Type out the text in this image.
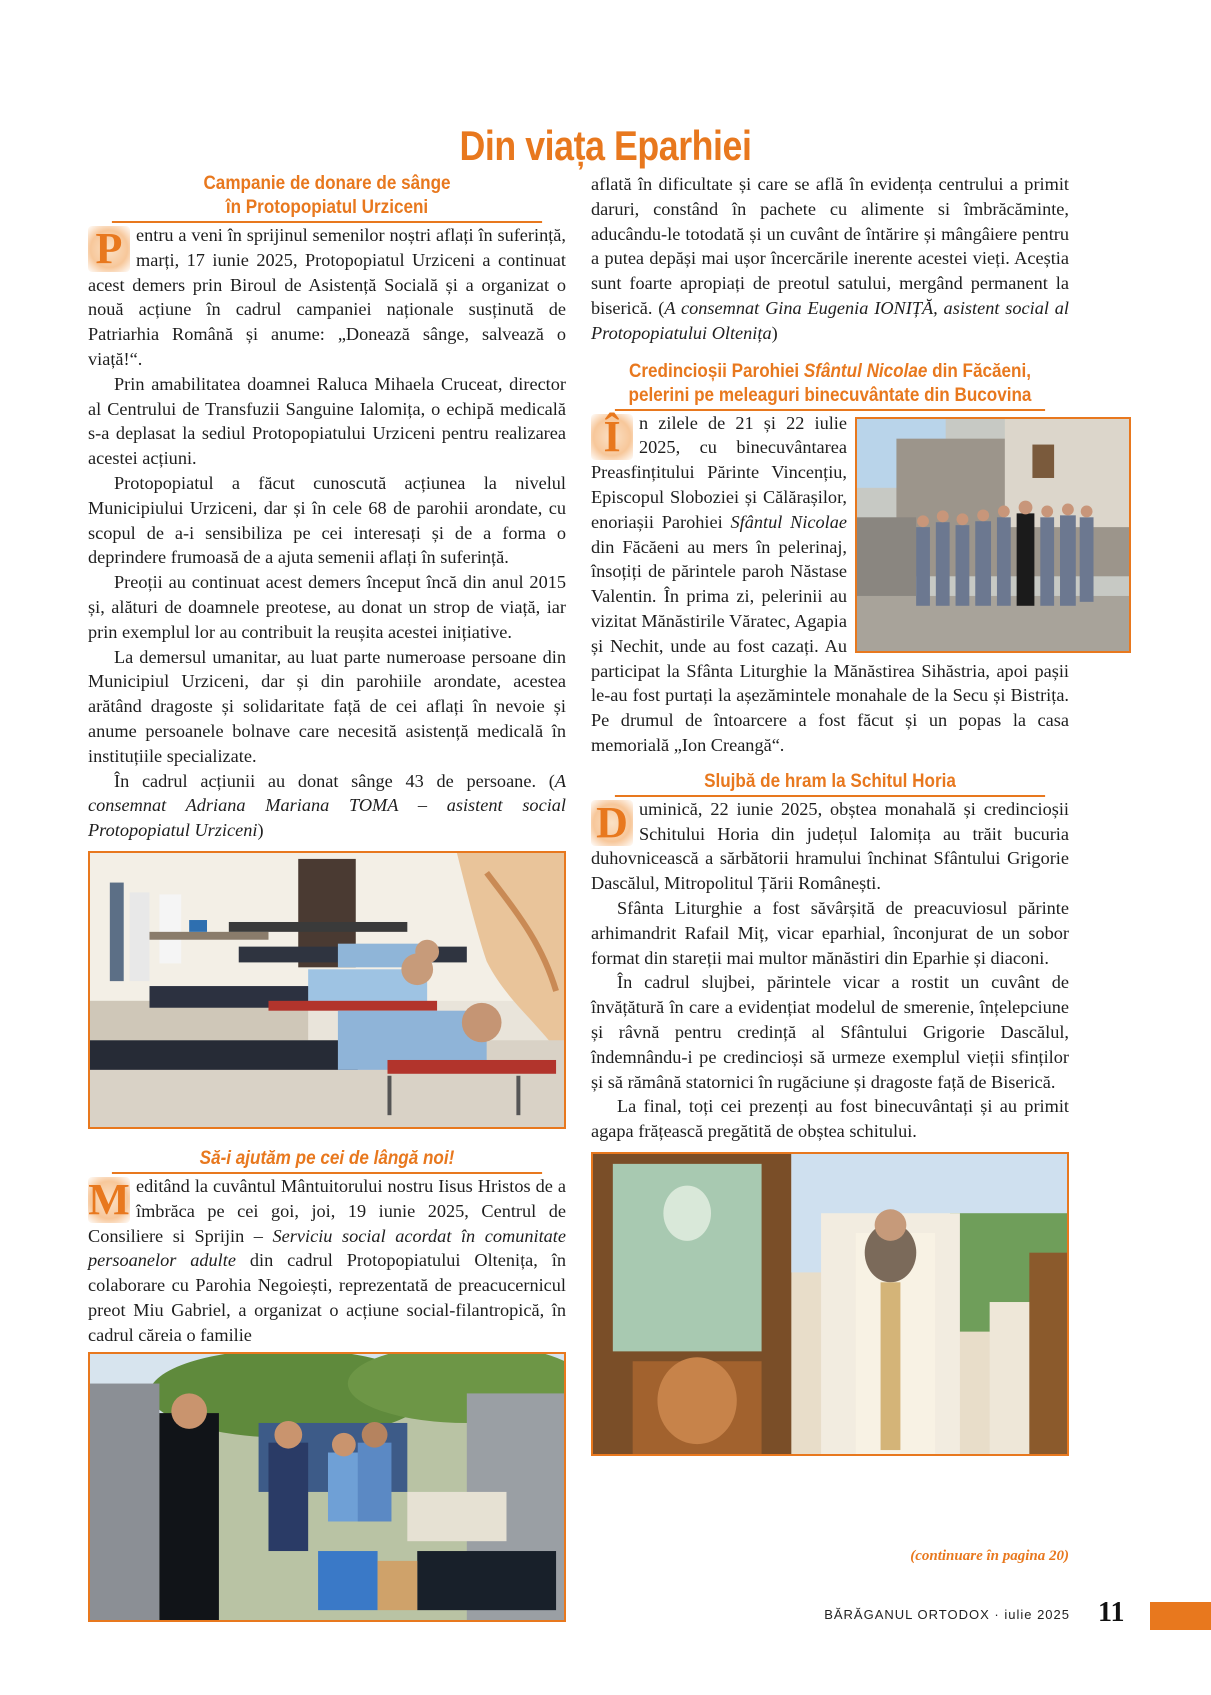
Din viața Eparhiei
Campanie de donare de sânge
în Protopopiatul Urziceni

P entru a veni în sprijinul semenilor noștri aflați în suferință, marți, 17 iunie 2025, Protopopiatul Urziceni a continuat acest demers prin Biroul de Asistență Socială și a organizat o nouă acțiune în cadrul campaniei naționale susținută de Patriarhia Română și anume: „Donează sânge, salvează o viață!“.

Prin amabilitatea doamnei Raluca Mihaela Cruceat, director al Centrului de Transfuzii Sanguine Ialomița, o echipă medicală s-a deplasat la sediul Protopopiatului Urziceni pentru realizarea acestei acțiuni.

Protopopiatul a făcut cunoscută acțiunea la nivelul Municipiului Urziceni, dar și în cele 68 de parohii arondate, cu scopul de a-i sensibiliza pe cei interesați și de a forma o deprindere frumoasă de a ajuta semenii aflați în suferință.

Preoții au continuat acest demers început încă din anul 2015 și, alături de doamnele preotese, au donat un strop de viață, iar prin exemplul lor au contribuit la reușita acestei inițiative.

La demersul umanitar, au luat parte numeroase persoane din Municipiul Urziceni, dar și din parohiile arondate, acestea arătând dragoste și solidaritate față de cei aflați în nevoie și anume persoanele bolnave care necesită asistență medicală în instituțiile specializate.

În cadrul acțiunii au donat sânge 43 de persoane. (A consemnat Adriana Mariana TOMA – asistent social Protopopiatul Urziceni)

Să-i ajutăm pe cei de lângă noi!

M editând la cuvântul Mântuitorului nostru Iisus Hristos de a îmbrăca pe cei goi, joi, 19 iunie 2025, Centrul de Consiliere si Sprijin – Serviciu social acordat în comunitate persoanelor adulte din cadrul Protopopiatului Oltenița, în colaborare cu Parohia Negoiești, reprezentată de preacucernicul preot Miu Gabriel, a organizat o acțiune social-filantropică, în cadrul căreia o familie

aflată în dificultate și care se află în evidența centrului a primit daruri, constând în pachete cu alimente si îmbrăcăminte, aducându-le totodată și un cuvânt de întărire și mângâiere pentru a putea depăși mai ușor încercările inerente acestei vieți. Aceștia sunt foarte apropiați de preotul satului, mergând permanent la biserică. (A consemnat Gina Eugenia IONIȚĂ, asistent social al Protopopiatului Oltenița)

Credincioșii Parohiei Sfântul Nicolae din Făcăeni,
pelerini pe meleaguri binecuvântate din Bucovina

Î	n zilele de 21 și 22 iulie 2025, cu binecuvântarea Preasfințitului Părinte Vincențiu, Episcopul Sloboziei și Călărașilor, enoriașii Parohiei Sfântul Nicolae din Făcăeni au mers în pelerinaj, însoțiți de părintele paroh Năstase Valentin. În prima zi, pelerinii au vizitat Mănăstirile Văratec, Agapia și Nechit, unde au fost cazați. Au participat la Sfânta Liturghie la Mănăstirea Sihăstria, apoi pașii le-au fost purtați la așezămintele monahale de la Secu și Bistrița. Pe drumul de întoarcere a fost făcut și un popas la casa memorială „Ion Creangă“.

Slujbă de hram la Schitul Horia

D uminică, 22 iunie 2025, obștea monahală și credincioșii Schitului Horia din județul Ialomița au trăit bucuria duhovnicească a sărbătorii hramului închinat Sfântului Grigorie Dascălul, Mitropolitul Țării Românești.

Sfânta Liturghie a fost săvârșită de preacuviosul părinte arhimandrit Rafail Miț, vicar eparhial, înconjurat de un sobor format din stareții mai multor mănăstiri din Eparhie și diaconi.

În cadrul slujbei, părintele vicar a rostit un cuvânt de învățătură în care a evidențiat modelul de smerenie, înțelepciune și râvnă pentru credință al Sfântului Grigorie Dascălul, îndemnându-i pe credincioși să urmeze exemplul vieții sfinților și să rămână statornici în rugăciune și dragoste față de Biserică.

La final, toți cei prezenți au fost binecuvântați și au primit agapa frățească pregătită de obștea schitului.

(continuare în pagina 20)
BĂRĂGANUL ORTODOX · iulie 2025 11
